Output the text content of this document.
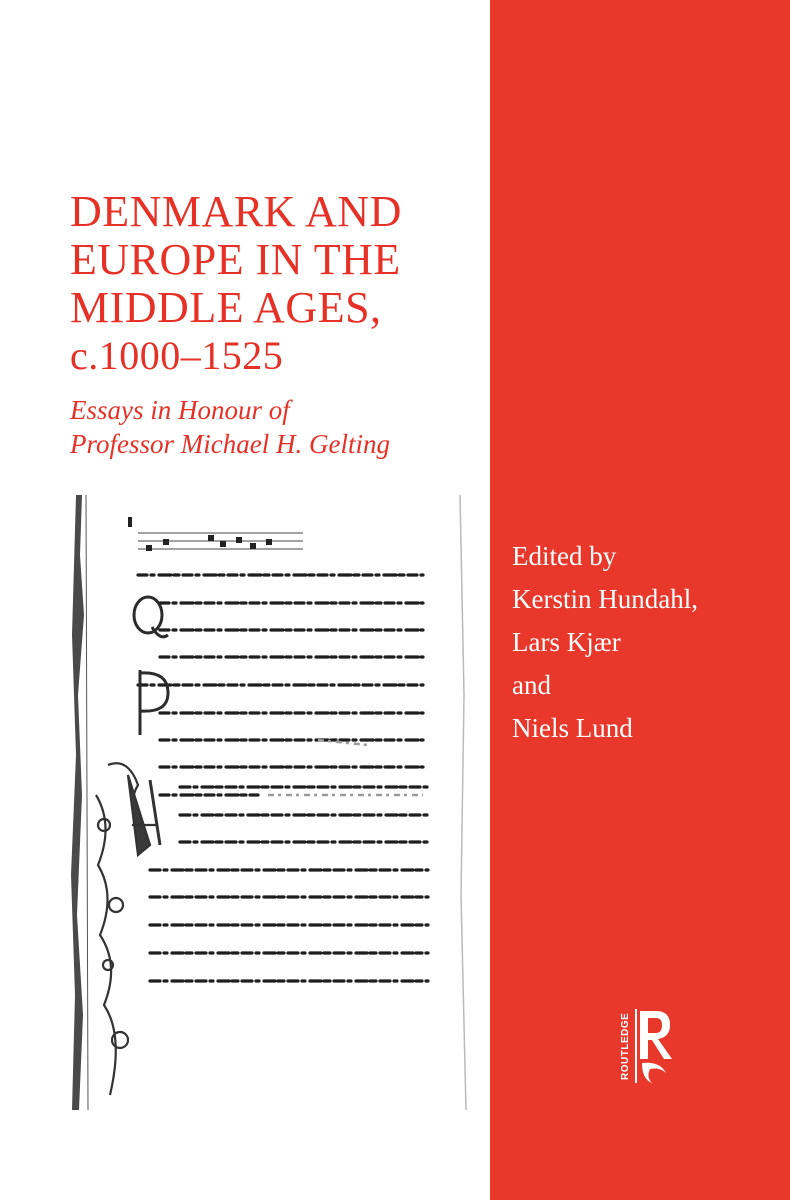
DENMARK AND
EUROPE IN THE
MIDDLE AGES,
c.1000–1525
Essays in Honour of
Professor Michael H. Gelting
Edited by
Kerstin Hundahl,
Lars Kjær
and
Niels Lund
ROUTLEDGE
